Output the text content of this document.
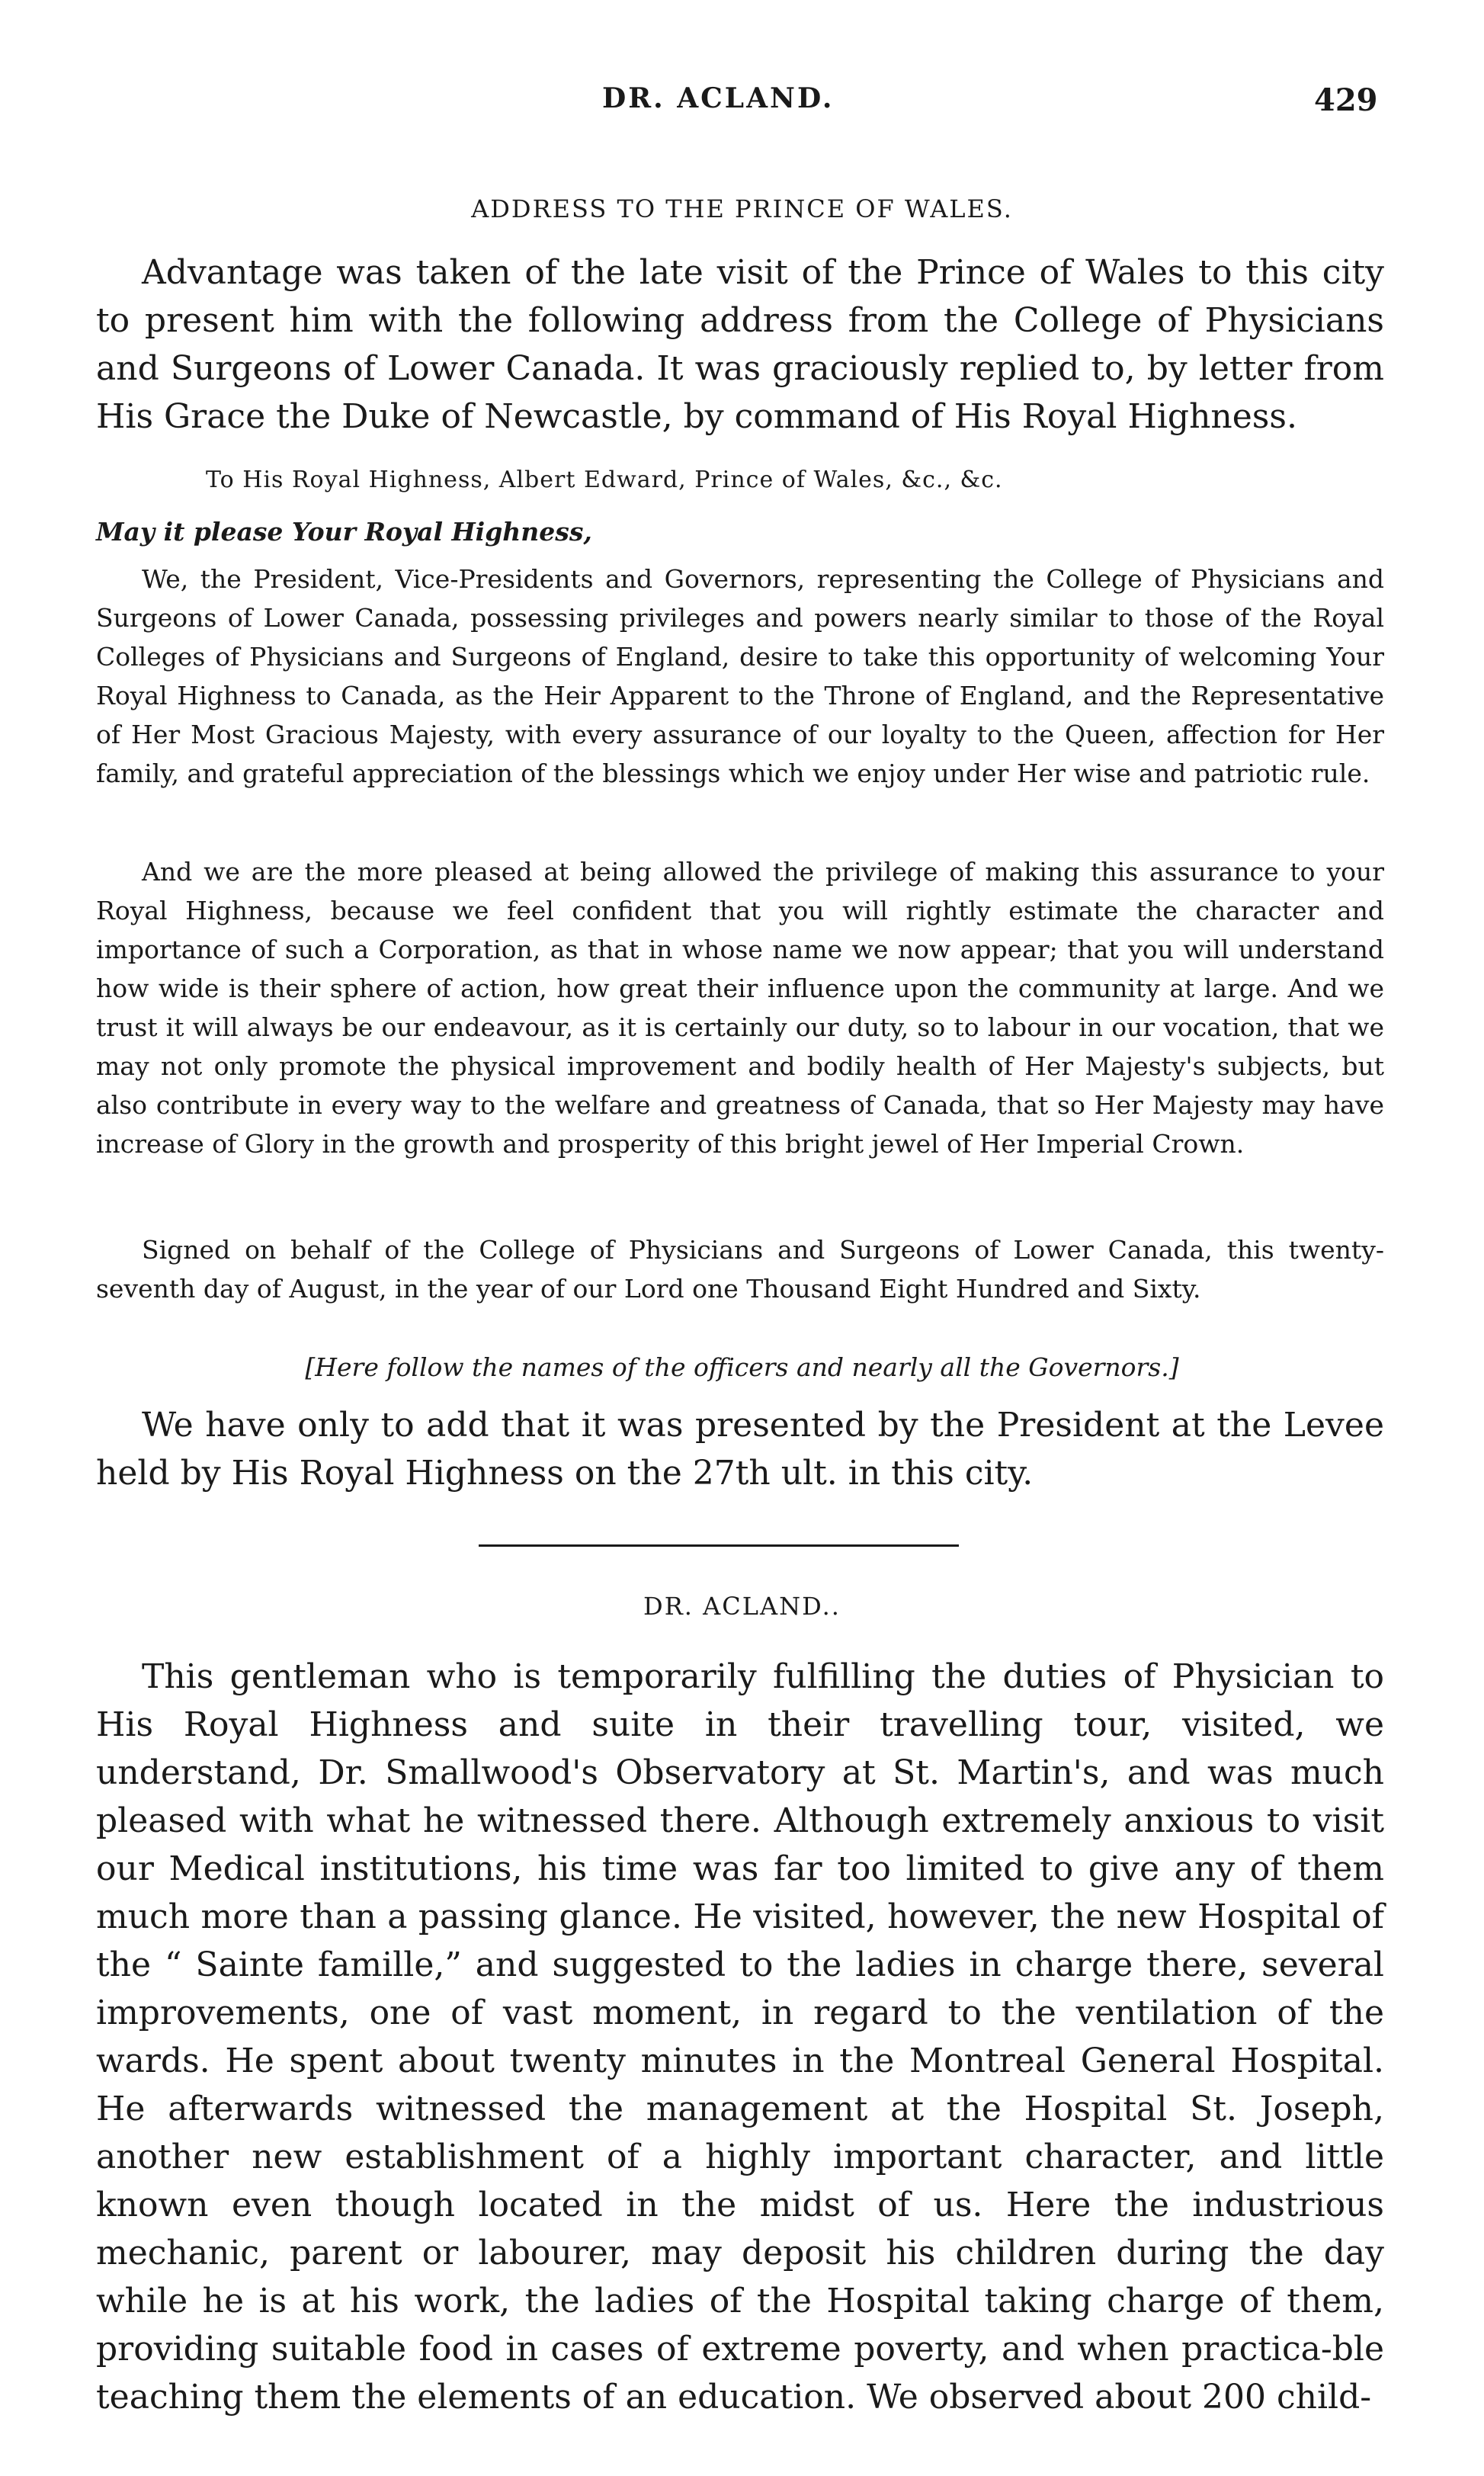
DR. ACLAND.	429
ADDRESS TO THE PRINCE OF WALES.
Advantage was taken of the late visit of the Prince of Wales to this city to present him with the following address from the College of Physicians and Surgeons of Lower Canada. It was graciously replied to, by letter from His Grace the Duke of Newcastle, by command of His Royal Highness.
To His Royal Highness, Albert Edward, Prince of Wales, &c., &c.
May it please Your Royal Highness,
We, the President, Vice-Presidents and Governors, representing the College of Physicians and Surgeons of Lower Canada, possessing privileges and powers nearly similar to those of the Royal Colleges of Physicians and Surgeons of England, desire to take this opportunity of welcoming Your Royal Highness to Canada, as the Heir Apparent to the Throne of England, and the Representative of Her Most Gracious Majesty, with every assurance of our loyalty to the Queen, affection for Her family, and grateful appreciation of the blessings which we enjoy under Her wise and patriotic rule.
And we are the more pleased at being allowed the privilege of making this assurance to your Royal Highness, because we feel confident that you will rightly estimate the character and importance of such a Corporation, as that in whose name we now appear; that you will understand how wide is their sphere of action, how great their influence upon the community at large. And we trust it will always be our endeavour, as it is certainly our duty, so to labour in our vocation, that we may not only promote the physical improvement and bodily health of Her Majesty's subjects, but also contribute in every way to the welfare and greatness of Canada, that so Her Majesty may have increase of Glory in the growth and prosperity of this bright jewel of Her Imperial Crown.
Signed on behalf of the College of Physicians and Surgeons of Lower Canada, this twenty-seventh day of August, in the year of our Lord one Thousand Eight Hundred and Sixty.
[Here follow the names of the officers and nearly all the Governors.]
We have only to add that it was presented by the President at the Levee held by His Royal Highness on the 27th ult. in this city.
DR. ACLAND..
This gentleman who is temporarily fulfilling the duties of Physician to His Royal Highness and suite in their travelling tour, visited, we understand, Dr. Smallwood's Observatory at St. Martin's, and was much pleased with what he witnessed there. Although extremely anxious to visit our Medical institutions, his time was far too limited to give any of them much more than a passing glance. He visited, however, the new Hospital of the “ Sainte famille,” and suggested to the ladies in charge there, several improvements, one of vast moment, in regard to the ventilation of the wards. He spent about twenty minutes in the Montreal General Hospital. He afterwards witnessed the management at the Hospital St. Joseph, another new establishment of a highly important character, and little known even though located in the midst of us. Here the industrious mechanic, parent or labourer, may deposit his children during the day while he is at his work, the ladies of the Hospital taking charge of them, providing suitable food in cases of extreme poverty, and when practica-ble teaching them the elements of an education. We observed about 200 child-
